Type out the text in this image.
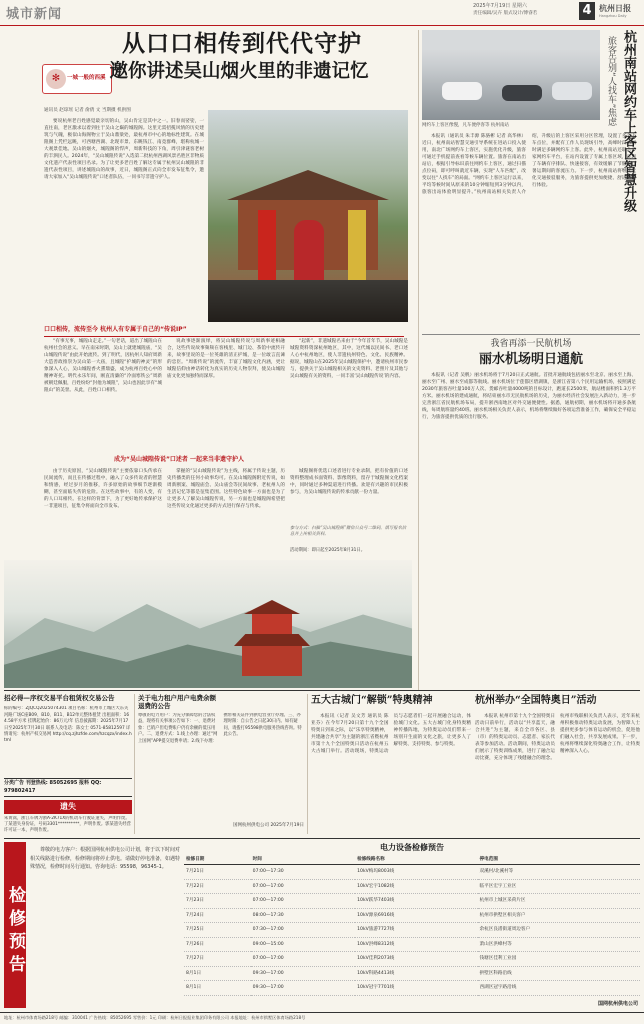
城市新闻	2025年7月19日 星期六
责任编辑/吴卉 版式设计/傅睿若	4 杭州日报
Hangzhou Daily
✻	一城一般的西溪
从口口相传到代代守护
邀你讲述吴山烟火里的非遗记忆
通讯员 赵琼瑶 记者 俞倩 文 当期摄 机供图
要说杭州老百姓感觉最亲切的山，吴山肯定是其中之一。旧春而娑娑，一直往南，老区激求以着到往于吴山之巅的城隍阁。这里无需招揽风情的历史建筑与气魄，极似山海阁物立于吴山鼎梁处，最杭州市中心的地标性建筑。在城隍阁上凭栏远眺，可西塘西湖、北现市景、东眺钱江、南竟群峰，堪称杭城一大观景佳地。吴山的烟火，城隍阁的悍声，周新科技的下角，周引津谜客老树的丰泗民人。2024年，“吴山城隍传说”入选第二批杭州西湖风景名胜区非物质文化遗产代表性项目名录。为了让更多老百姓了解这专属于杭州吴山城隍的非遗代表性项目，讲述城隍山的故事，近日，城隍阁正式向全市发布征集令，邀请大家加入“吴山城隍传说”口述者队伍，一同书写非遗守护人。
口口相传，流传至今 杭州人有专属于自己的“传说IP”
“有事无事，城隍山走走。”一句老话，道出了城隍山在杭州社会的意义。早在南宋时期，吴山上就建城隍庙，“吴山城隍传说”由此开始流传。到了明代，因杭州人知府周新大造善政推崇为吴山第一大庙，且城隍“护城的神灵”的形象深入人心，吴山城隍香火熏鼎盛，成为杭州百姓心中的精神寄托。明代永乐年间，刚直清廉的“冷面寒铁公”周新被朝廷佩服，百姓纷纷“封他为城隍”，吴山也因此享有“城隍山”的美誉。从此，百姓口口相传。
说故事逐渐演绎，将吴山城隍传说与周新事迹相融合，这些传说故事频频在客栈里、城门边、茶馆中流传开来，故事里说的是一位英雄的清正护城，是一位敢言直谏的忠臣。“周新传说”的流传，丰富了城隍文化内涵，更让城隍信仰由神话转化为真实的历史人物崇拜，使吴山城隍庙文化更加独特而深厚。
“起新”，非遗城隍名来由于“今年首年节，吴山城隍是城隍资料资深杭州地区，其中，这代城以民间书、老口述人心中杭州地区，使人非遗杭州特色、文化、民族精神。据说，城隍山在2025年吴山城隍保护中，邀请杭州市民参与，提供关于吴山城隍相关的文史资料、老照片及其他与吴山城隍有关的资料，一同丰富‘吴山城隍传说’的内容。
成为“吴山城隍传说”口述者 一起来当非遗守护人
由于历史原因，“吴山城隍传说”主要依靠口头传承在民间流传，而且在传播过程中，融入了众多传说者的智慧和情感，经过岁月的推移，许多原始的故事细节逐渐模糊，甚至面临失传的危险。在这些故事中，有的人变，有的人口耳相传。在这样的背景下，为了更好地传承保护这一非遗项目，征集令将面向全市发布。
掌握的“吴山城隍传说”为主线，将属于传说主题，历史传播类的任何小故事均可。在吴山城隍阁附近传说，如周新断案、城隍庙会、吴山庙会等民间故事、老杭州人的生活记忆等都是征集范围。这些特色故事一方面也是为了让更多人了解吴山城隍传说，另一方面也是城隍阁希望把这些传说文化通过更多的方式进行保存与传承。
城隍阁将优选口述者进行专业录制，把有价值的口述资料整理成书面资料、影像资料，留存于城隍阁文化档案中，同时通过多种渠道进行传播。欢迎有兴趣的市民积极参与，为吴山城隍传说的传承贡献一份力量。
参与方式：扫描“吴山城隍阁”微信公众号二维码，填写报名信息并上传相关资料。
活动期间：即日起至2025年8月31日。
杭州南站网约车上客区智慧升级
旅客告别“人找车”焦虑
网约车上客区像慢，凡车便停客等 杭州南站
本报讯（通讯员 朱丰源 陈骆彬 记者 高华林）近日，杭州南站智慧交通引导系统在进站口投入使用，南北广场网约车上客区，实施优化升级，旅客可通过手机提前查看等候车辆位置。旅客在南站出站后，根据引导标识前往网约车上客区，通过扫描点位码，即可呼叫就近车辆，实现“人车匹配”，改变以往“人找车”的局面。“网约车上客区运行以来，平均等候时间从原来的10分钟缩短到3分钟以内，旅客出站体验明显提升。”杭州南站相关负责人介绍，升级后的上客区采用分区管理，设置了多个上车点位，并配有工作人员现场引导，高峰时段可同时满足多辆网约车上客。此外，杭州南站还联合多家网约车平台，在站内设置了专属上客区域，实现了车辆有序排队、快速接客，有效缓解了节假日、暑运期间的客流压力。下一步，杭州南站将继续优化交通接驳服务，为旅客提供更加便捷、舒适的出行体验。
我省再添一民航机场
丽水机场明日通航
本报讯（记者 吴帆）丽水机场将于7月20日正式通航。首批开通航线包括丽水至北京、丽水至上海、丽水至广州、丽水至成都等航线。丽水机场位于莲都区碧湖镇，是浙江省第八个民用运输机场，按照满足2030年旅客吞吐量100万人次、货邮吞吐量4000吨的目标设计，跑道长2500米，航站楼面积约1.3万平方米。丽水机场的建成通航，将结束丽水市无民航机场的历史，为丽水经济社会发展注入新动力，进一步完善浙江省民航机场布局，提升浙西南地区对外交通便捷性。据悉，通航初期，丽水机场将开通多条航线，每周航班量约40班。丽水机场相关负责人表示，机场将继续做好各项运营准备工作，确保安全平稳运行，为旅客提供优质的出行服务。
招必得—序权交易平台租赁权交易公告
标的编号：ZJQCQ2025074301 项目名称：杭州市上城区大东关河路广场C座B09、B10、B11、B12单元整体租赁 出租面积：164.58平方米 挂牌起始价：86万元/年 信息披露期：2025年7月17日至2025年7月30日 联系人及电话：陈女士 0571-85812597 详情请见：杭州产权交易网 http://cq.zjhzfde.com/hzcqzx/index.html
分类广告 刊登热线: 85052695 报料 QQ: 979802417
遗失
朱黄嵩，浙江车牌为浙A·2K71X的机动车行驶证遗失，声明作废。丁某遗失身份证，号码3301**********，声明作废。郭某遗失经营许可证一本，声明作废。
关于电力租户用户电费余额退费的公告
尊敬的电力用户：为充分保障您的合法权益，现将有关事项公告如下：一、退费对象：已销户但电费账户仍有余额的低压用户。二、退费方式：1.线上办理：通过“网上国网”APP提交退费申请；2.线下办理：携带相关证件到供电营业厅办理。三、办理时限：自公告之日起30日内。如有疑问，请拨打95598供电服务热线咨询。特此公告。
国网杭州供电公司 2025年7月19日
五大古城门“解锁”特奥精神
本报讯（记者 吴文芳 通讯员 陈亚芬）在今年7月20日第十九个全国特奥日到来之际，以“乐享特奥精神，共建融合共享”为主题的浙江省暨杭州市第十九个全国特奥日活动在杭州五大古城门举行。活动现场，特奥运动员与志愿者们一起开展融合运动，体验城门文化。五大古城门化身特奥精神传播阵地，为特奥运动员们带来一场别开生面的文化之旅，让更多人了解特奥、支持特奥、参与特奥。
杭州举办“全国特奥日”活动
本报讯 杭州市第十九个全国特奥日活动日前举行，活动以“共享蓝天，融合共进”为主题，来自全市各区、县（市）的特奥运动员、志愿者、家长代表等参加活动。活动期间，特奥运动员们展示了特奥训练成果，进行了融合运动比赛，充分体现了残健融合的理念。杭州市残联相关负责人表示，近年来杭州积极推动特奥运动发展，为智障人士提供更多参与体育运动的机会，促进他们融入社会，共享发展成果。下一步，杭州将继续深化特奥融合工作，让特奥精神深入人心。
检修预告
尊敬的电力客户：根据国网杭州供电公司计划，将于以下时间对相关线路进行检修，检修期间将停止供电。请做好停电准备，如遇特殊情况，检修时间另行通知。咨询电话：95598，96345-1。
电力设备检修预告
检修日期	时间	检修线路名称	停电范围
7月21日	07:00—17:30	10kV梅坞8003线	双溪村/北溪村等
7月22日	07:00—17:00	10kV宏宇1082线	临平区宏宇工业区
7月23日	07:00—17:00	10kV跃华7403线	杭州市上城区采荷片区
7月24日	08:00—17:30	10kV源泉6916线	杭州市拱墅区相关客户
7月25日	07:30—17:00	10kV旅游7727线	余杭区良渚街道周边客户
7月26日	09:00—15:00	10kV洪峰8312线	萧山区洪峰村等
7月27日	07:00—17:00	10kV佳利2073线	钱塘区佳利工业园
8月1日	09:30—17:00	10kV科路4413线	拱墅区科路沿线
8月1日	09:30—17:00	10kV冠宇7701线	西湖区冠宇路沿线
国网杭州供电公司
地址：杭州市体育场路218号 邮编：310041 广告热线：85052695 零售价：1元 印刷：杭州日报报业集团印务有限公司 本报地址：杭州市拱墅区体育场路218号
